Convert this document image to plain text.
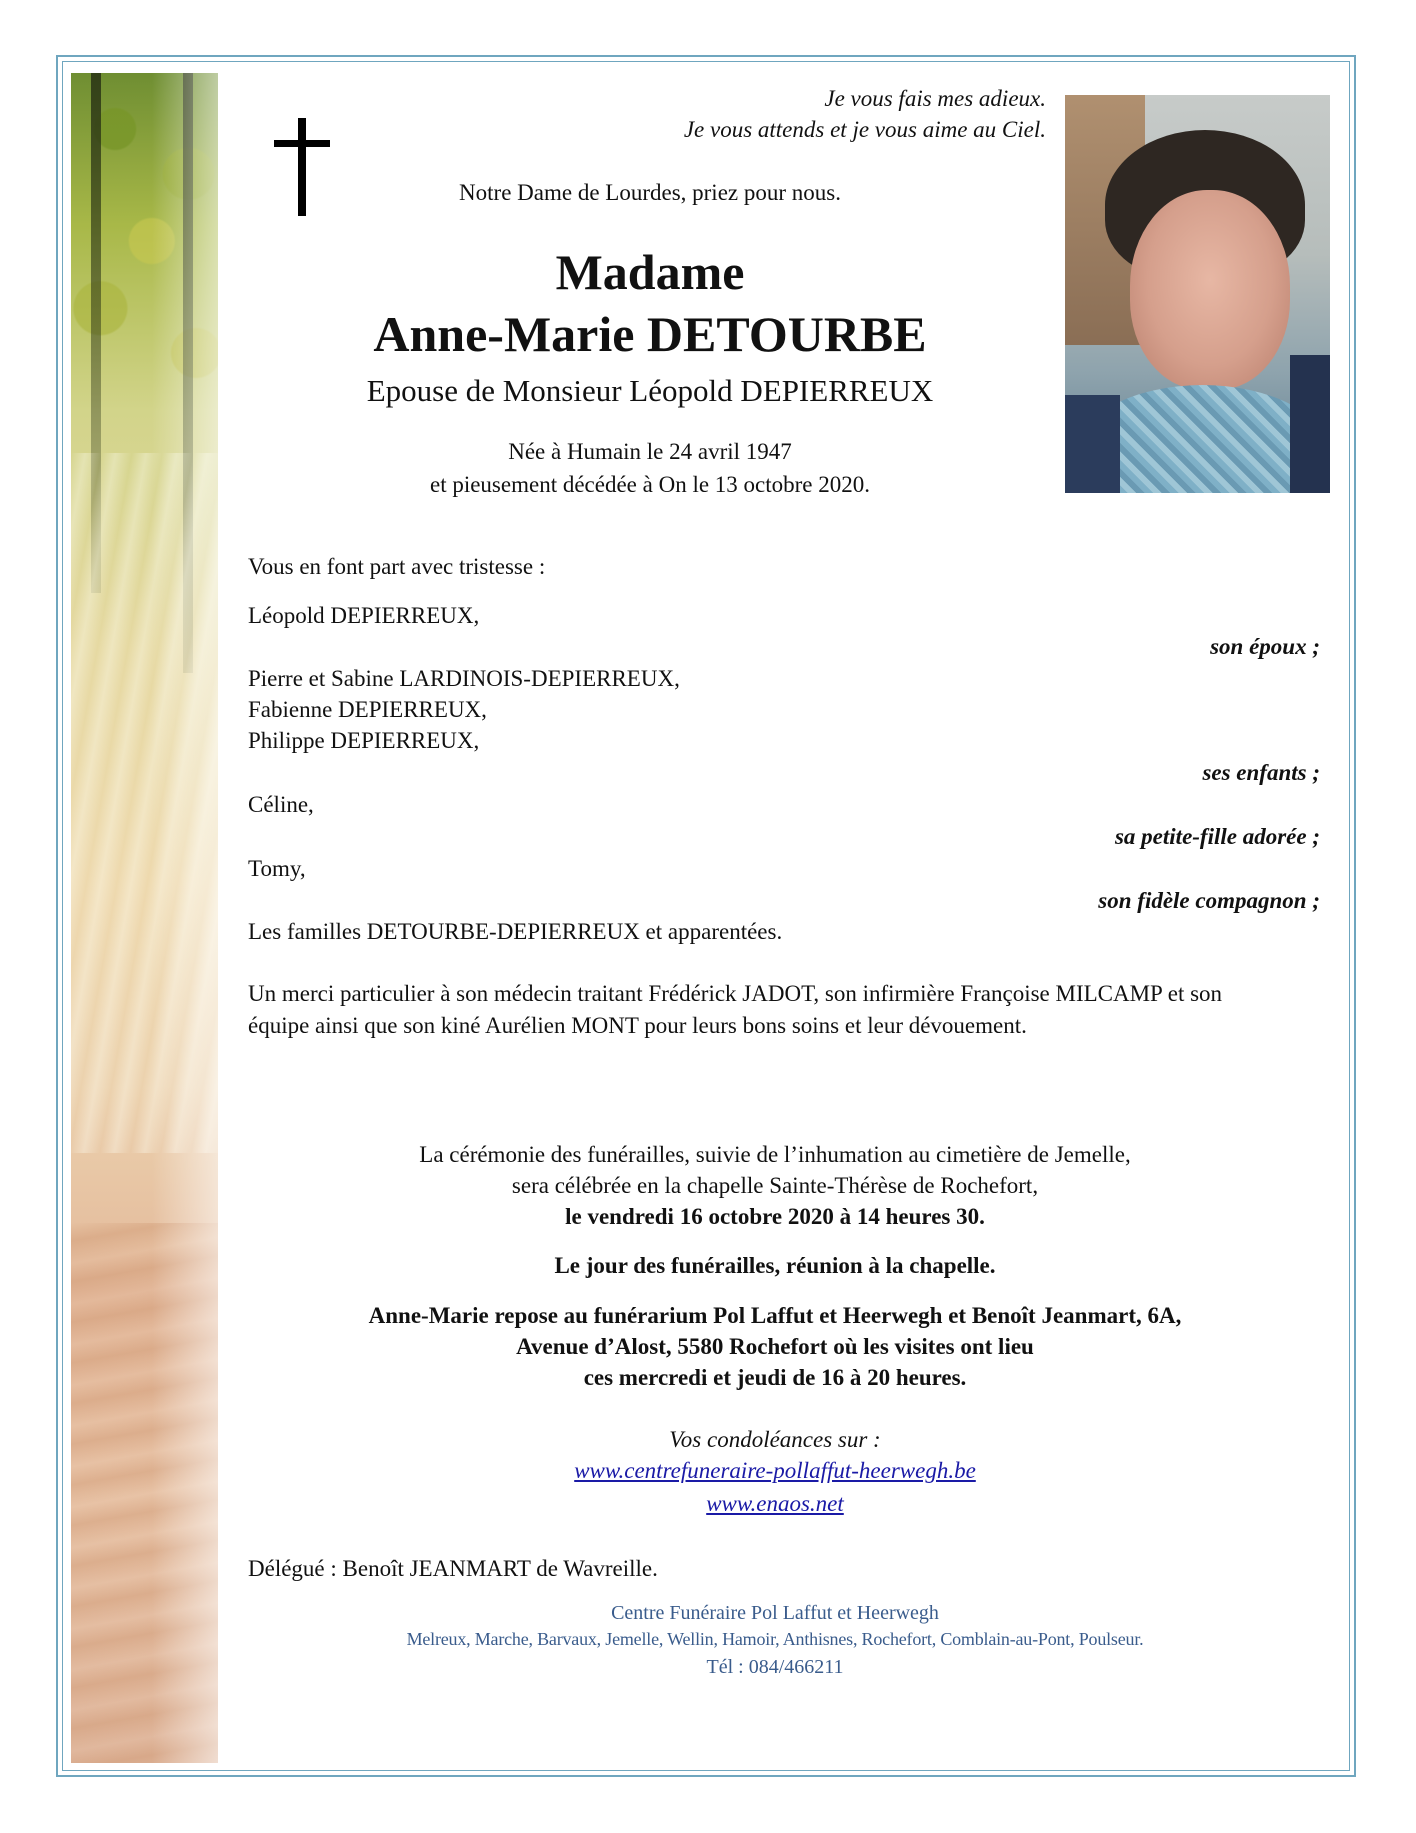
Je vous fais mes adieux.

Je vous attends et je vous aime au Ciel.

Notre Dame de Lourdes, priez pour nous.

Madame

Anne-Marie DETOURBE

Epouse de Monsieur Léopold DEPIERREUX

Née à Humain le 24 avril 1947

et pieusement décédée à On le 13 octobre 2020.

Vous en font part avec tristesse :

Léopold DEPIERREUX,

son époux ;

Pierre et Sabine LARDINOIS-DEPIERREUX,

Fabienne DEPIERREUX,

Philippe DEPIERREUX,

ses enfants ;

Céline,

sa petite-fille adorée ;

Tomy,

son fidèle compagnon ;

Les familles DETOURBE-DEPIERREUX et apparentées.

Un merci particulier à son médecin traitant Frédérick JADOT, son infirmière Françoise MILCAMP et son équipe ainsi que son kiné Aurélien MONT pour leurs bons soins et leur dévouement.

La cérémonie des funérailles, suivie de l’inhumation au cimetière de Jemelle,

sera célébrée en la chapelle Sainte-Thérèse de Rochefort,

le vendredi 16 octobre 2020 à 14 heures 30.

Le jour des funérailles, réunion à la chapelle.

Anne-Marie repose au funérarium Pol Laffut et Heerwegh et Benoît Jeanmart, 6A,

Avenue d’Alost, 5580 Rochefort où les visites ont lieu

ces mercredi et jeudi de 16 à 20 heures.

Vos condoléances sur :

www.centrefuneraire-pollaffut-heerwegh.be
www.enaos.net

Délégué : Benoît JEANMART de Wavreille.

Centre Funéraire Pol Laffut et Heerwegh

Melreux, Marche, Barvaux, Jemelle, Wellin, Hamoir, Anthisnes, Rochefort, Comblain-au-Pont, Poulseur.

Tél : 084/466211
